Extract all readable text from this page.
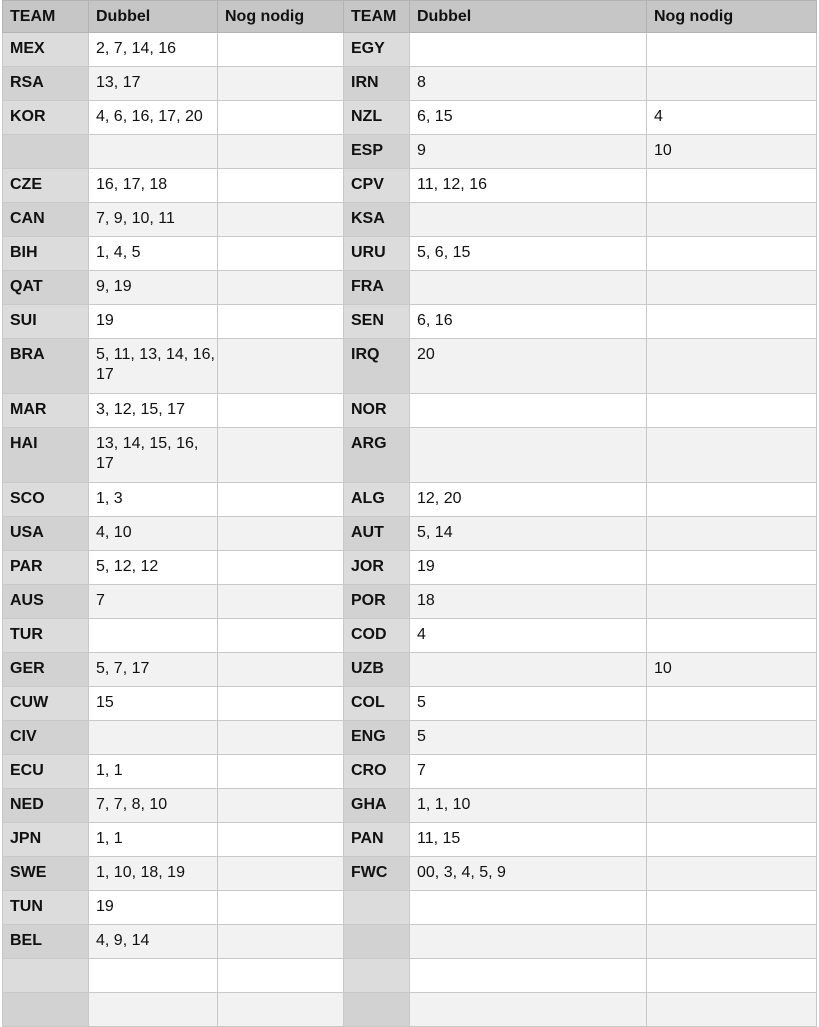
TEAM	Dubbel	Nog nodig	TEAM	Dubbel	Nog nodig
MEX	2, 7, 14, 16		EGY		
RSA	13, 17		IRN	8	
KOR	4, 6, 16, 17, 20		NZL	6, 15	4
			ESP	9	10
CZE	16, 17, 18		CPV	11, 12, 16	
CAN	7, 9, 10, 11		KSA		
BIH	1, 4, 5		URU	5, 6, 15	
QAT	9, 19		FRA		
SUI	19		SEN	6, 16	
BRA	5, 11, 13, 14, 16, 17		IRQ	20	
MAR	3, 12, 15, 17		NOR		
HAI	13, 14, 15, 16, 17		ARG		
SCO	1, 3		ALG	12, 20	
USA	4, 10		AUT	5, 14	
PAR	5, 12, 12		JOR	19	
AUS	7		POR	18	
TUR			COD	4	
GER	5, 7, 17		UZB		10
CUW	15		COL	5	
CIV			ENG	5	
ECU	1, 1		CRO	7	
NED	7, 7, 8, 10		GHA	1, 1, 10	
JPN	1, 1		PAN	11, 15	
SWE	1, 10, 18, 19		FWC	00, 3, 4, 5, 9	
TUN	19				
BEL	4, 9, 14				
